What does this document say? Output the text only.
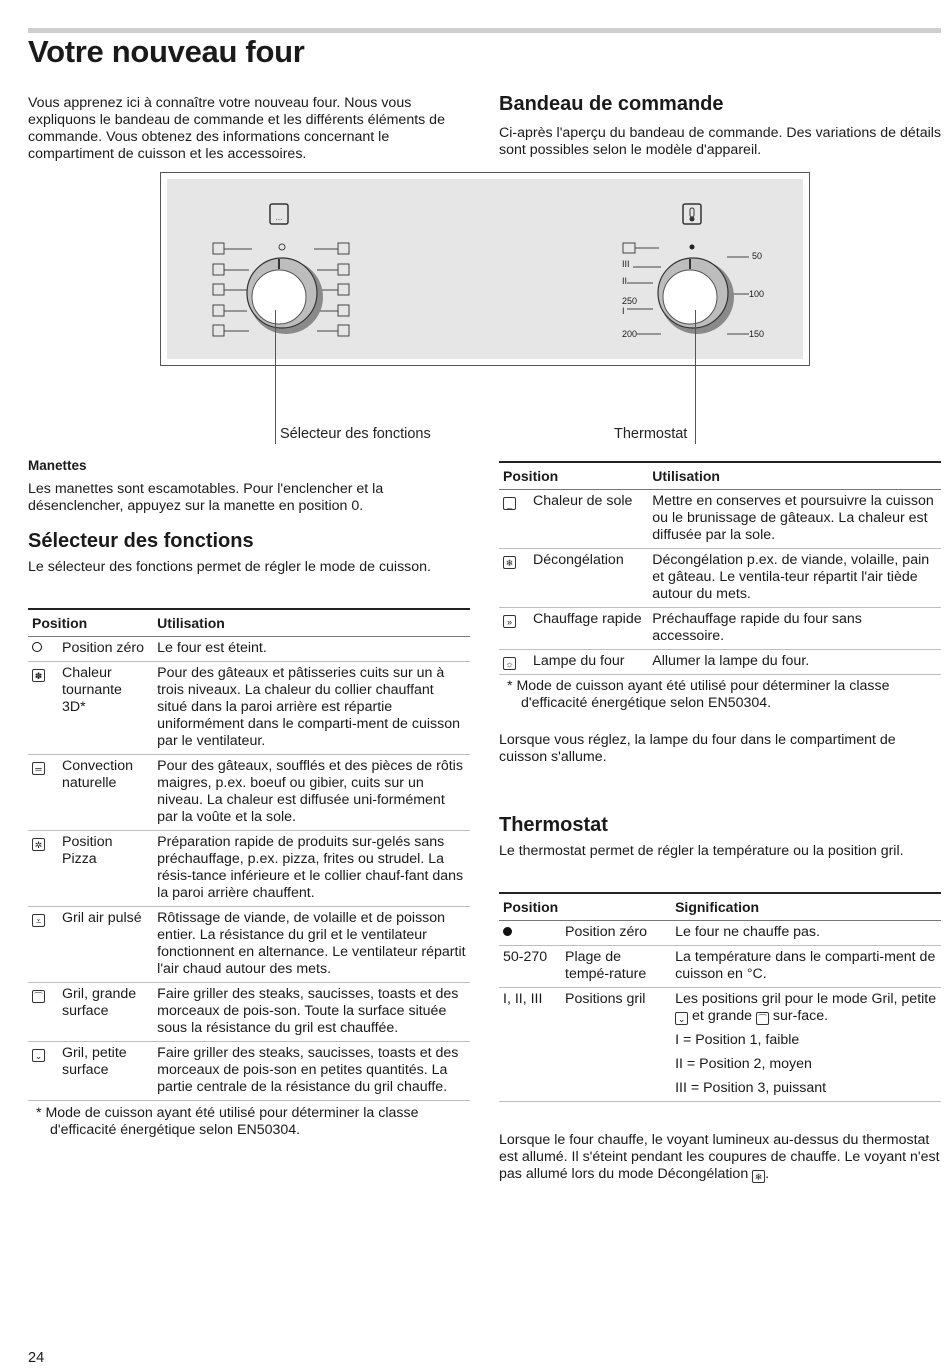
Votre nouveau four

Vous apprenez ici à connaître votre nouveau four. Nous vous expliquons le bandeau de commande et les différents éléments de commande. Vous obtenez des informations concernant le compartiment de cuisson et les accessoires.

Bandeau de commande

Ci-après l'aperçu du bandeau de commande. Des variations de détails sont possibles selon le modèle d'appareil.

...
50
100
150
200
250
I
II
III
Sélecteur des fonctions	Thermostat
Manettes

Les manettes sont escamotables. Pour l'enclencher et la désenclencher, appuyez sur la manette en position 0.

Sélecteur des fonctions

Le sélecteur des fonctions permet de régler le mode de cuisson.

Position		Utilisation
	Position zéro	Le four est éteint.
✽	Chaleur tournante 3D*	Pour des gâteaux et pâtisseries cuits sur un à trois niveaux. La chaleur du collier chauffant situé dans la paroi arrière est répartie uniformément dans le comparti-ment de cuisson par le ventilateur.
═	Convection naturelle	Pour des gâteaux, soufflés et des pièces de rôtis maigres, p.ex. boeuf ou gibier, cuits sur un niveau. La chaleur est diffusée uni-formément par la voûte et la sole.
✲	Position Pizza	Préparation rapide de produits sur-gelés sans préchauffage, p.ex. pizza, frites ou strudel. La résis-tance inférieure et le collier chauf-fant dans la paroi arrière chauffent.
⩡	Gril air pulsé	Rôtissage de viande, de volaille et de poisson entier. La résistance du gril et le ventilateur fonctionnent en alternance. Le ventilateur répartit l'air chaud autour des mets.
⁀	Gril, grande surface	Faire griller des steaks, saucisses, toasts et des morceaux de pois-son. Toute la surface située sous la résistance du gril est chauffée.
⌄	Gril, petite surface	Faire griller des steaks, saucisses, toasts et des morceaux de pois-son en petites quantités. La partie centrale de la résistance du gril chauffe.

* Mode de cuisson ayant été utilisé pour déterminer la classe d'efficacité énergétique selon EN50304.

Position		Utilisation
_	Chaleur de sole	Mettre en conserves et poursuivre la cuisson ou le brunissage de gâteaux. La chaleur est diffusée par la sole.
❄	Décongélation	Décongélation p.ex. de viande, volaille, pain et gâteau. Le ventila-teur répartit l'air tiède autour du mets.
»	Chauffage rapide	Préchauffage rapide du four sans accessoire.
☼	Lampe du four	Allumer la lampe du four.

* Mode de cuisson ayant été utilisé pour déterminer la classe d'efficacité énergétique selon EN50304.

Lorsque vous réglez, la lampe du four dans le compartiment de cuisson s'allume.

Thermostat

Le thermostat permet de régler la température ou la position gril.

Position		Signification
	Position zéro	Le four ne chauffe pas.
50-270	Plage de tempé-rature	La température dans le comparti-ment de cuisson en °C.
I, II, III	Positions gril	Les positions gril pour le mode Gril, petite ⌄ et grande ⁀ sur-face.
I = Position 1, faible
II = Position 2, moyen
III = Position 3, puissant

Lorsque le four chauffe, le voyant lumineux au-dessus du thermostat est allumé. Il s'éteint pendant les coupures de chauffe. Le voyant n'est pas allumé lors du mode Décongélation ❄ .

24
